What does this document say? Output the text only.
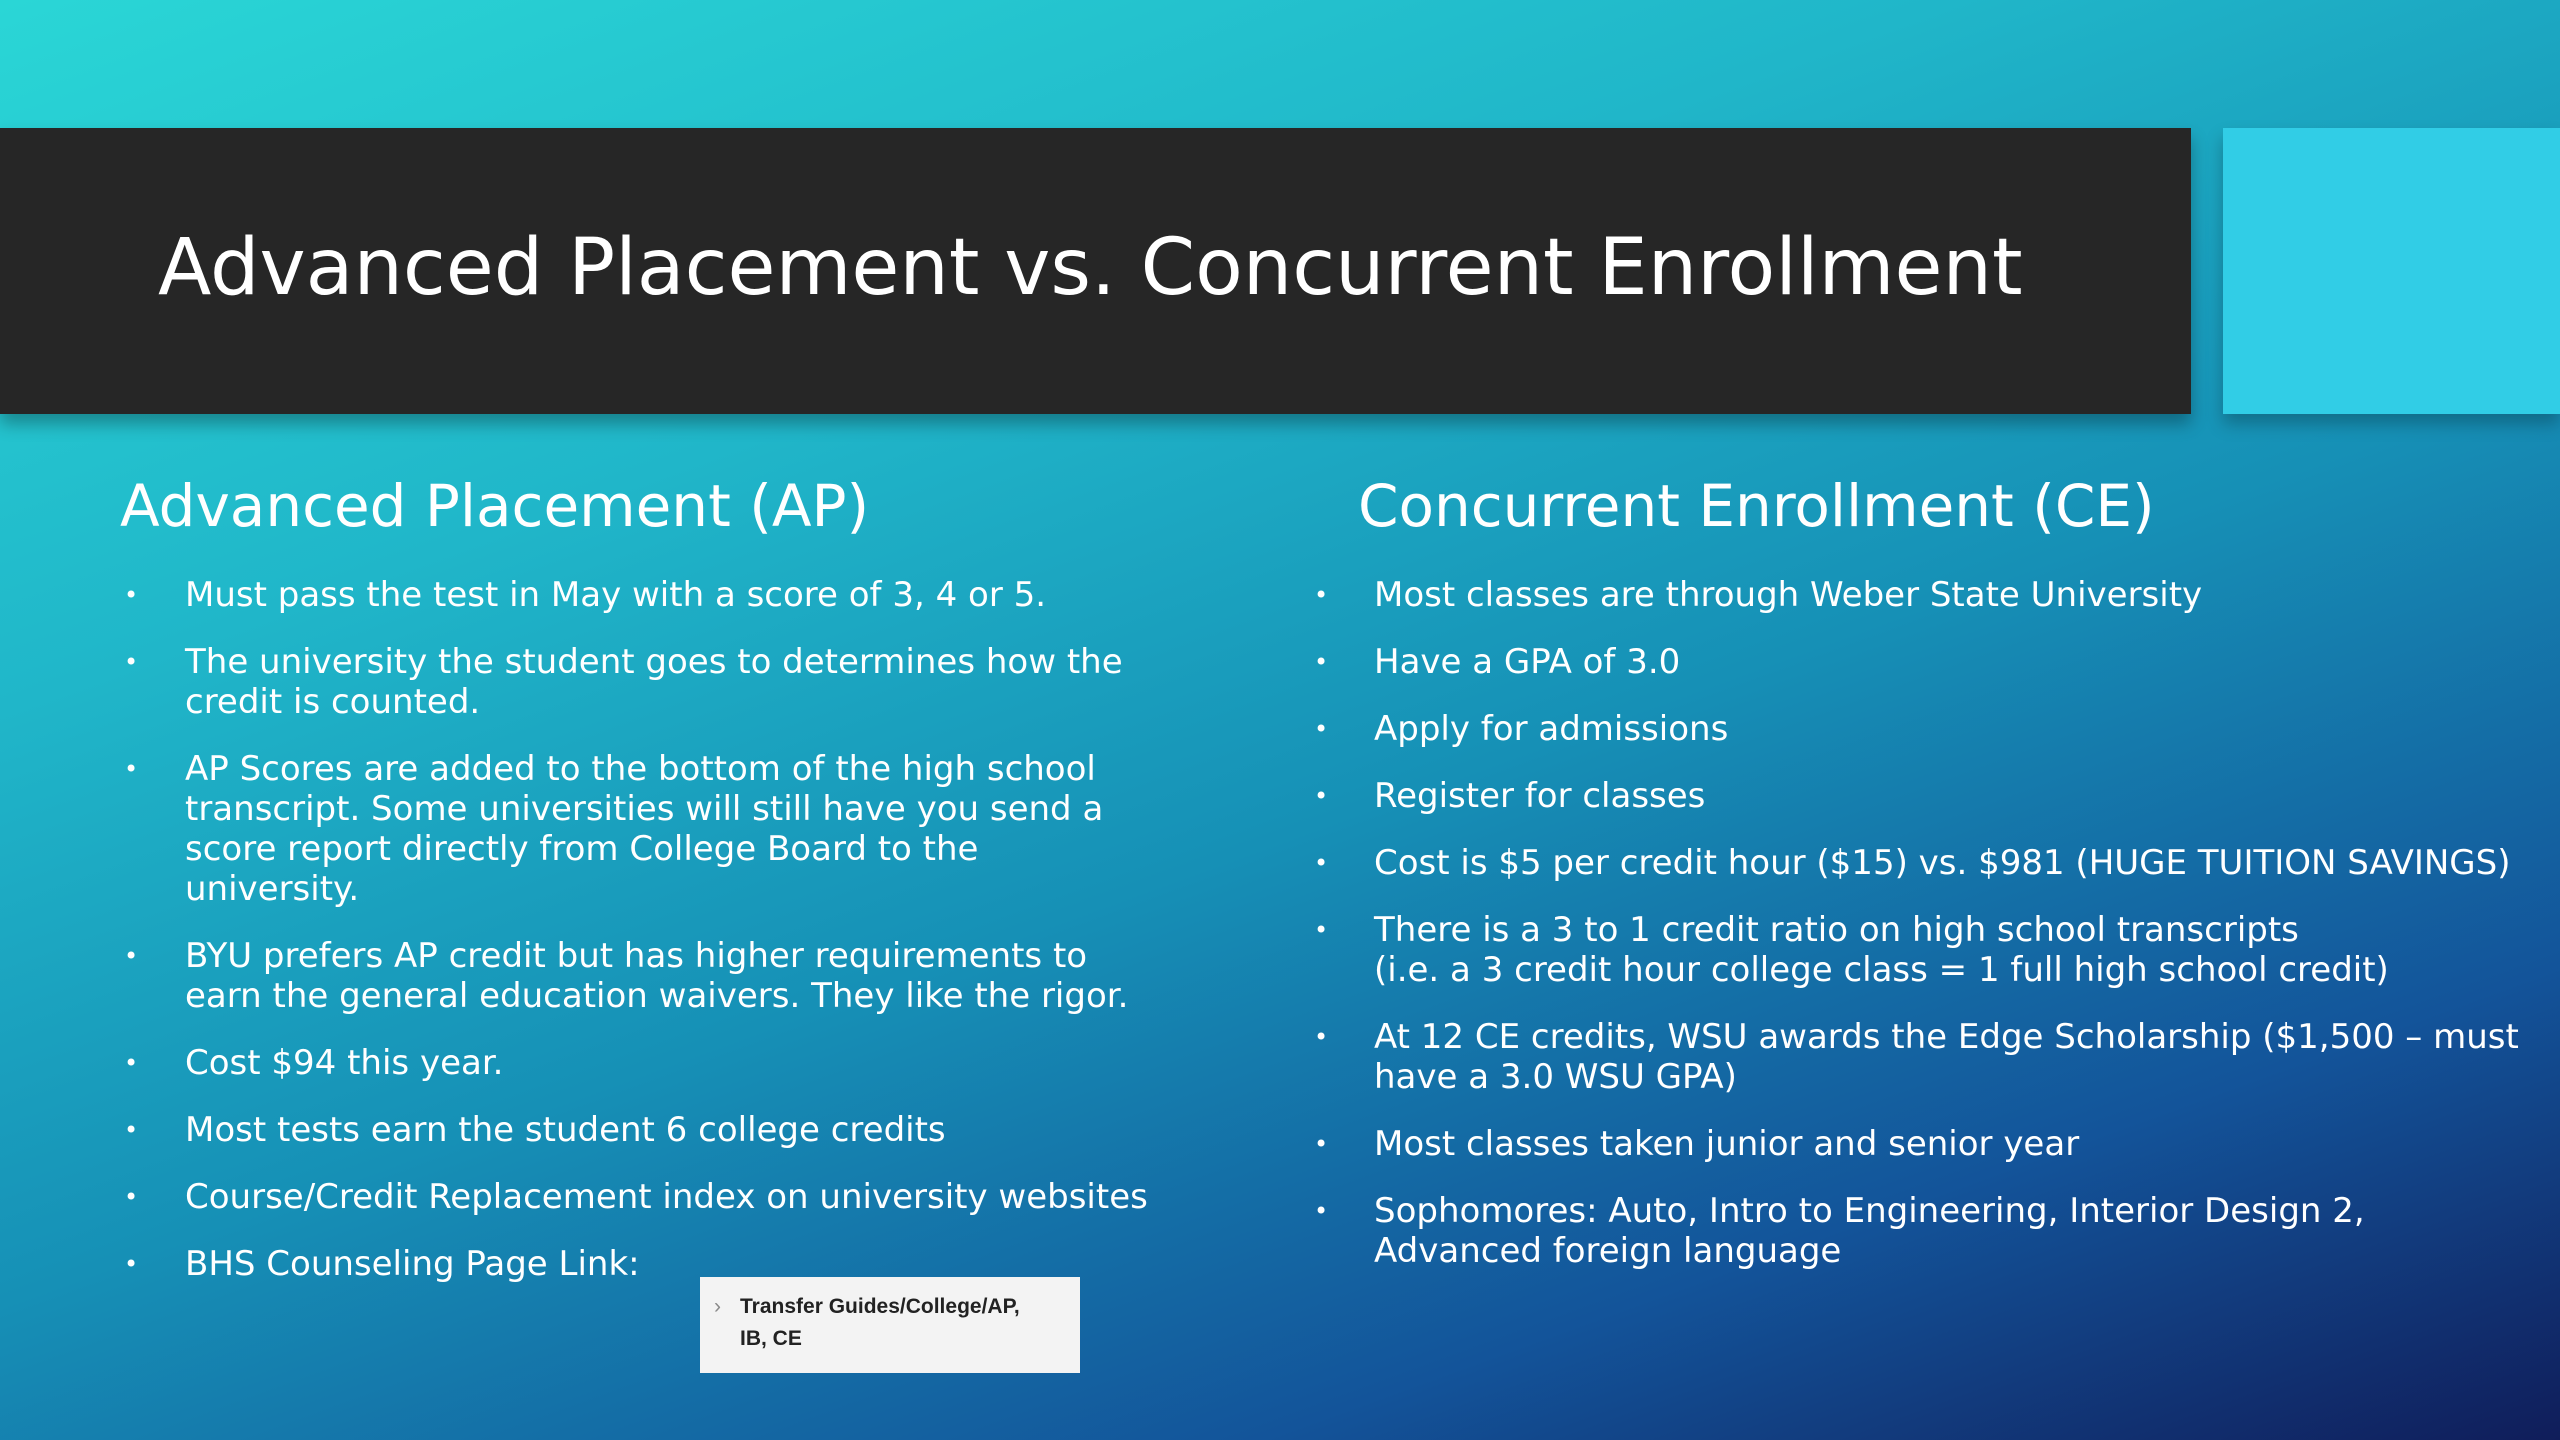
Advanced Placement vs. Concurrent Enrollment
Advanced Placement (AP)	Concurrent Enrollment (CE)
• Must pass the test in May with a score of 3, 4 or 5.
• The university the student goes to determines how the
credit is counted.
• AP Scores are added to the bottom of the high school
transcript. Some universities will still have you send a
score report directly from College Board to the
university.
• BYU prefers AP credit but has higher requirements to
earn the general education waivers. They like the rigor.
• Cost $94 this year.
• Most tests earn the student 6 college credits
• Course/Credit Replacement index on university websites
• BHS Counseling Page Link:
• Most classes are through Weber State University
• Have a GPA of 3.0
• Apply for admissions
• Register for classes
• Cost is $5 per credit hour ($15) vs. $981 (HUGE TUITION SAVINGS)
• There is a 3 to 1 credit ratio on high school transcripts
(i.e. a 3 credit hour college class = 1 full high school credit)
• At 12 CE credits, WSU awards the Edge Scholarship ($1,500 – must
have a 3.0 WSU GPA)
• Most classes taken junior and senior year
• Sophomores: Auto, Intro to Engineering, Interior Design 2,
Advanced foreign language
› Transfer Guides/College/AP,
IB, CE
